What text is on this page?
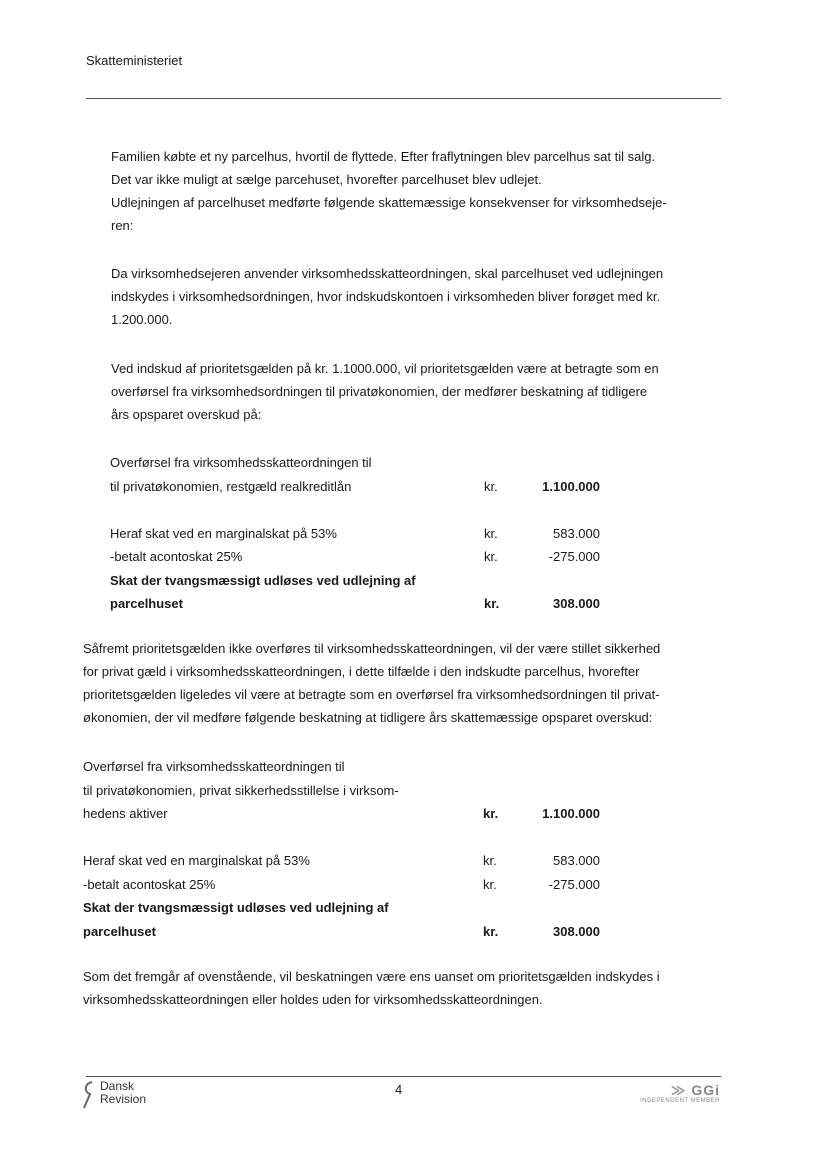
Skatteministeriet

Familien købte et ny parcelhus, hvortil de flyttede. Efter fraflytningen blev parcelhus sat til salg.
Det var ikke muligt at sælge parcehuset, hvorefter parcelhuset blev udlejet.
Udlejningen af parcelhuset medførte følgende skattemæssige konsekvenser for virksomhedseje-
ren:

Da virksomhedsejeren anvender virksomhedsskatteordningen, skal parcelhuset ved udlejningen
indskydes i virksomhedsordningen, hvor indskudskontoen i virksomheden bliver forøget med kr.
1.200.000.

Ved indskud af prioritetsgælden på kr. 1.1000.000, vil prioritetsgælden være at betragte som en
overførsel fra virksomhedsordningen til privatøkonomien, der medfører beskatning af tidligere
års opsparet overskud på:

Overførsel fra virksomhedsskatteordningen til
til privatøkonomien, restgæld realkreditlån	kr.	1.100.000
Heraf skat ved en marginalskat på 53%	kr.	583.000
-betalt acontoskat 25%	kr.	-275.000
Skat der tvangsmæssigt udløses ved udlejning af
parcelhuset	kr.	308.000

Såfremt prioritetsgælden ikke overføres til virksomhedsskatteordningen, vil der være stillet sikkerhed
for privat gæld i virksomhedsskatteordningen, i dette tilfælde i den indskudte parcelhus, hvorefter
prioritetsgælden ligeledes vil være at betragte som en overførsel fra virksomhedsordningen til privat-
økonomien, der vil medføre følgende beskatning at tidligere års skattemæssige opsparet overskud:

Overførsel fra virksomhedsskatteordningen til
til privatøkonomien, privat sikkerhedsstillelse i virksom-
hedens aktiver	kr.	1.100.000
Heraf skat ved en marginalskat på 53%	kr.	583.000
-betalt acontoskat 25%	kr.	-275.000
Skat der tvangsmæssigt udløses ved udlejning af
parcelhuset	kr.	308.000

Som det fremgår af ovenstående, vil beskatningen være ens uanset om prioritetsgælden indskydes i
virksomhedsskatteordningen eller holdes uden for virksomhedsskatteordningen.

Dansk
Revision
4	≫ GGi
INDEPENDENT MEMBER
